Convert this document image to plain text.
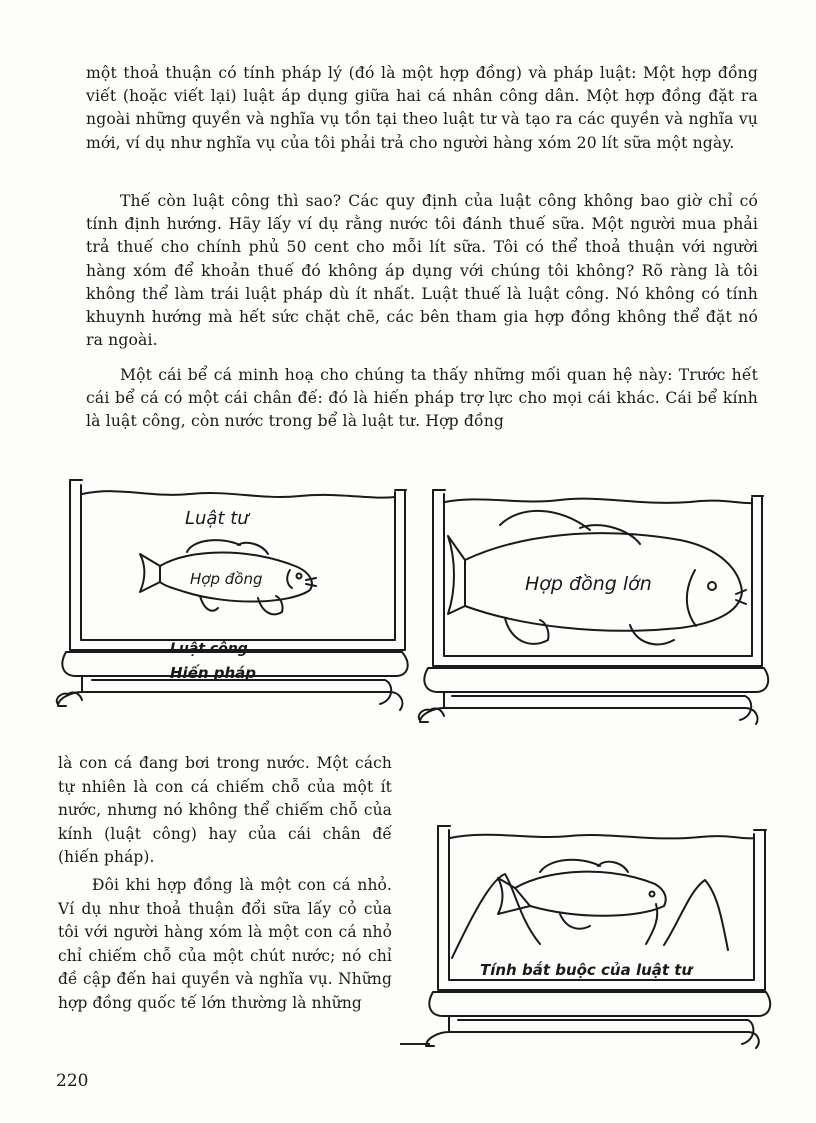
một thoả thuận có tính pháp lý (đó là một hợp đồng) và pháp luật: Một hợp đồng viết (hoặc viết lại) luật áp dụng giữa hai cá nhân công dân. Một hợp đồng đặt ra ngoài những quyền và nghĩa vụ tồn tại theo luật tư và tạo ra các quyền và nghĩa vụ mới, ví dụ như nghĩa vụ của tôi phải trả cho người hàng xóm 20 lít sữa một ngày.

Thế còn luật công thì sao? Các quy định của luật công không bao giờ chỉ có tính định hướng. Hãy lấy ví dụ rằng nước tôi đánh thuế sữa. Một người mua phải trả thuế cho chính phủ 50 cent cho mỗi lít sữa. Tôi có thể thoả thuận với người hàng xóm để khoản thuế đó không áp dụng với chúng tôi không? Rõ ràng là tôi không thể làm trái luật pháp dù ít nhất. Luật thuế là luật công. Nó không có tính khuynh hướng mà hết sức chặt chẽ, các bên tham gia hợp đồng không thể đặt nó ra ngoài.

Một cái bể cá minh hoạ cho chúng ta thấy những mối quan hệ này: Trước hết cái bể cá có một cái chân đế: đó là hiến pháp trợ lực cho mọi cái khác. Cái bể kính là luật công, còn nước trong bể là luật tư. Hợp đồng

Luật tư
Hợp đồng
Luật công
Hiến pháp
Hợp đồng lớn
Tính bắt buộc của luật tư

là con cá đang bơi trong nước. Một cách tự nhiên là con cá chiếm chỗ của một ít nước, nhưng nó không thể chiếm chỗ của kính (luật công) hay của cái chân đế (hiến pháp).

Đôi khi hợp đồng là một con cá nhỏ. Ví dụ như thoả thuận đổi sữa lấy cỏ của tôi với người hàng xóm là một con cá nhỏ chỉ chiếm chỗ của một chút nước; nó chỉ đề cập đến hai quyền và nghĩa vụ. Những hợp đồng quốc tế lớn thường là những

220
